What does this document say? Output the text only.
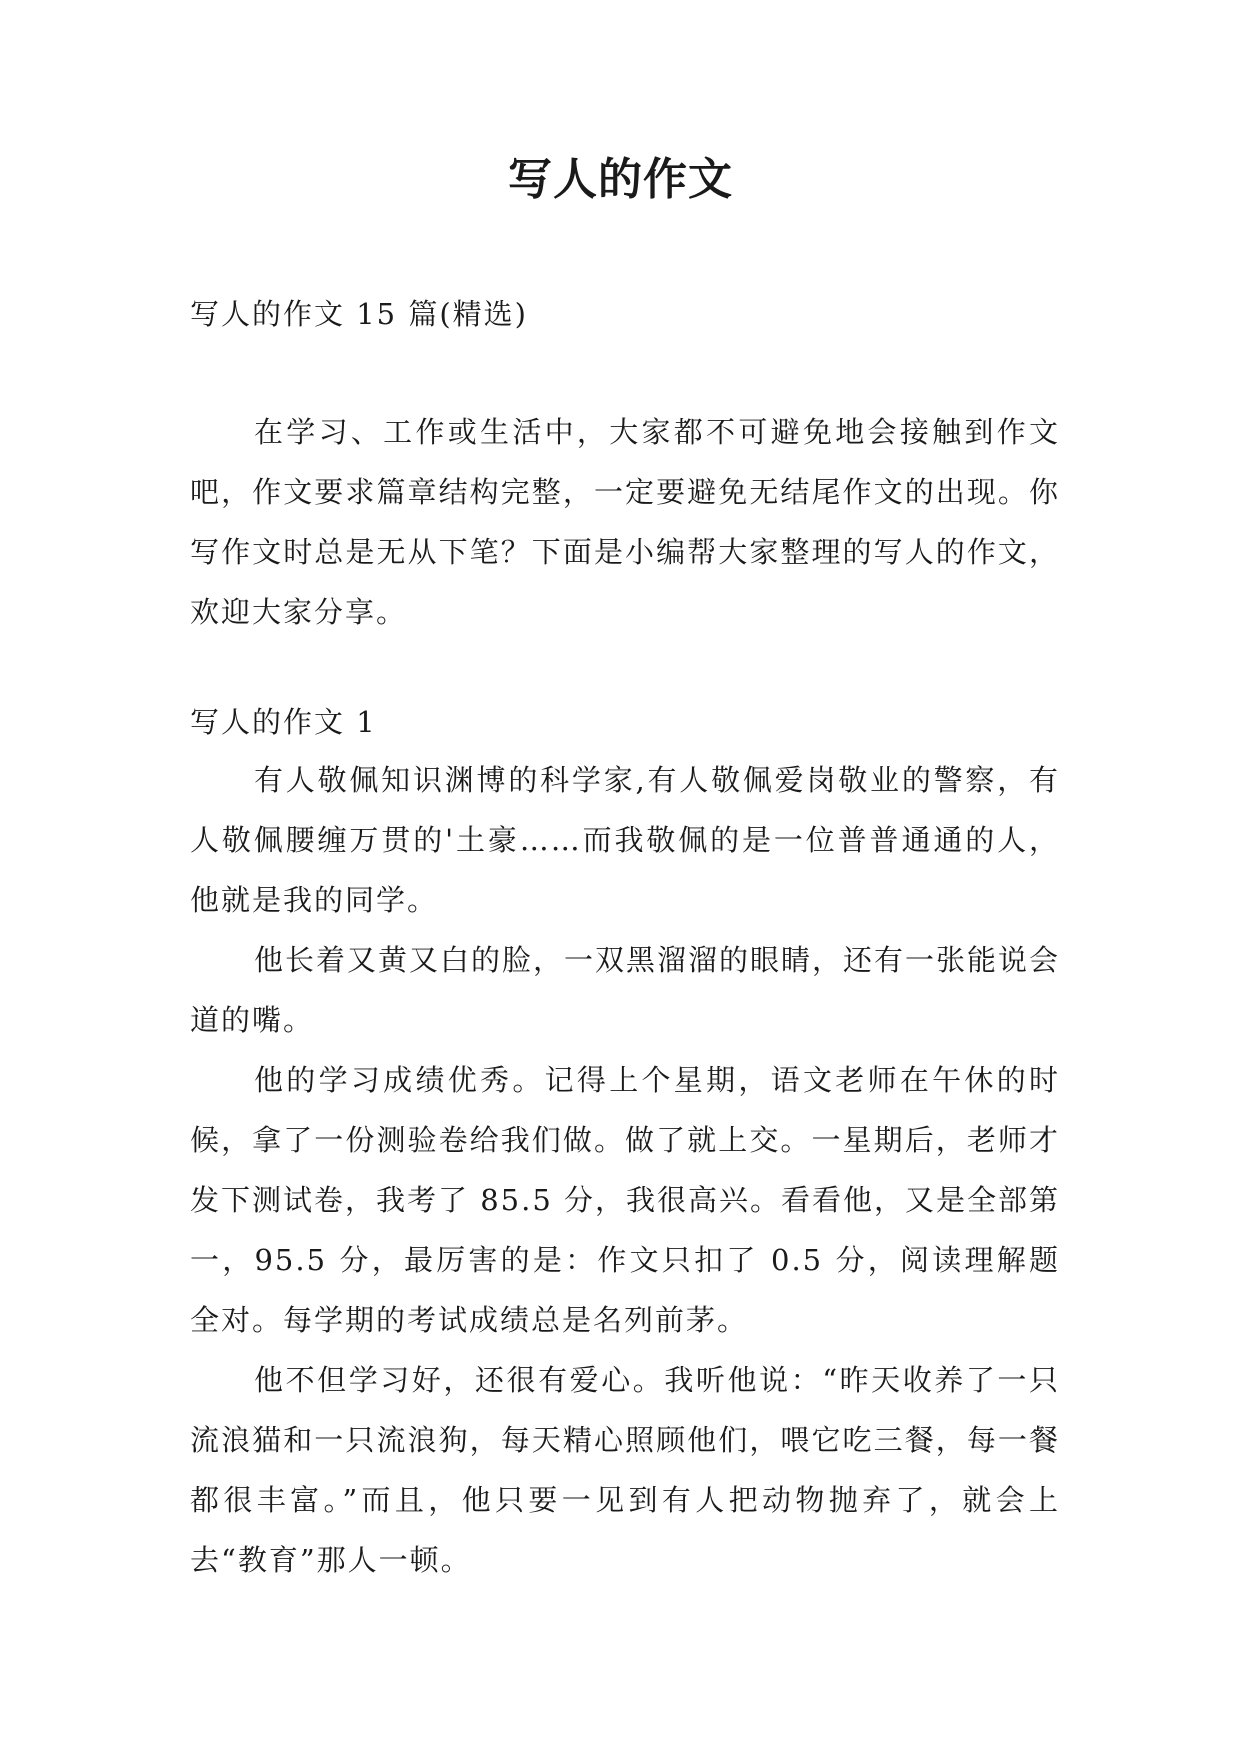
写人的作文
写人的作文 15 篇(精选)

在学习、工作或生活中，大家都不可避免地会接触到作文吧，作文要求篇章结构完整，一定要避免无结尾作文的出现。你写作文时总是无从下笔？下面是小编帮大家整理的写人的作文，欢迎大家分享。

写人的作文 1

有人敬佩知识渊博的科学家,有人敬佩爱岗敬业的警察，有人敬佩腰缠万贯的'土豪……而我敬佩的是一位普普通通的人，他就是我的同学。

他长着又黄又白的脸，一双黑溜溜的眼睛，还有一张能说会道的嘴。

他的学习成绩优秀。记得上个星期，语文老师在午休的时候，拿了一份测验卷给我们做。做了就上交。一星期后，老师才发下测试卷，我考了 85.5 分，我很高兴。看看他，又是全部第一，95.5 分，最厉害的是：作文只扣了 0.5 分，阅读理解题全对。每学期的考试成绩总是名列前茅。

他不但学习好，还很有爱心。我听他说：“昨天收养了一只流浪猫和一只流浪狗，每天精心照顾他们，喂它吃三餐，每一餐都很丰富。”而且，他只要一见到有人把动物抛弃了，就会上去“教育”那人一顿。
